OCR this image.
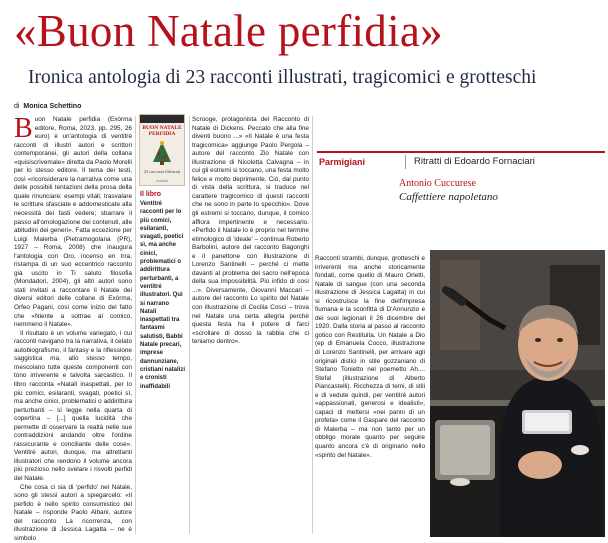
«Buon Natale perfidia»
Ironica antologia di 23 racconti illustrati, tragicomici e grotteschi
di Monica Schettino
B uon Natale perfidia (Exòrma editore, Roma, 2023, pp. 295, 26 euro) è un'antologia di ventitré racconti di illustri autori e scrittori contemporanei, gli autori della collana «quisiscrivemale» diretta da Paolo Morelli per lo stesso editore. Il tema dei testi, così «riconsiderare la narrativa come una delle possibili tentazioni della prosa della quale rinunciare: esempi vitali; trasvalare le scritture sfasciate e addomesticate alla necessità dei fasti vedere; sbarrare il passo all'omologazione dei contenuti, alle abitudini dei generi». Fatta eccezione per Luigi Malerba (Pietramogolana (PR), 1927 – Roma, 2008) che inaugura l'antologia con Oro, incenso en Irra, ristampa di un suo eccentrico racconto già uscito in Ti saluto filosofia (Mondadori, 2004), gli altri autori sono stati invitati a raccontare il Natale dei diversi editori delle collane di Exòrma, Orfeo Pagani, così come inizio del fatto che «Niente a sottrae al comico, nemmeno il Natale».

Il risultato è un volume variegato, i cui racconti navigano tra la narrativa, il celato autobiografismo, il fantasy e la riflessione saggistica ma, allo stesso tempo, mescolano tutte queste componenti con tono irriverente e talvolta sarcastico. Il libro racconta «Natali inaspettati, per lo più comici, esilaranti, svagati, poetici sì, ma anche cinici, problematici o addirittura perturbanti – si legge nella quarta di copertina – [...] quella lucidità che permette di osservare la realtà nelle sue contraddizioni andando oltre l'ordine rassicurante e conciliante delle cose». Ventitré autori, dunque, ma altrettanti illustratori che rendono il volume ancora più prezioso nello svelare i risvolti perfidi del Natale.

Che cosa ci sia di 'perfido' nel Natale, sono gli stessi autori a spiegarcelo: «Il perfido è nello spirito consumistico del Natale – risponde Paolo Albani, autore del racconto La ricorrenza, con illustrazione di Jessica Lagatta – ne è simbolo

BUON NATALE PERFIDIA
23 racconti illustrati
exòrma
Il libro
Ventitré racconti per lo più comici, esilaranti, svagati, poetici sì, ma anche cinici, problematici o addirittura perturbanti, a ventitré illustratori. Qui si narrano Natali inaspettati tra fantasmi salutisti, Babbi Natale precari, imprese dannunziane, cristiani natalizi e cronisti inaffidabili

Scrooge, protagonista del Racconto di Natale di Dickens. Peccato che alla fine diventi buono ...» «Il Natale è una festa tragicomica» aggiunge Paolo Pergola – autore del racconto Zio Natale con illustrazione di Nicoletta Calvagna – in cui gli estremi si toccano, una festa molto felice e molto deprimente. Ciò, dal punto di vista della scrittura, si traduce nel carattere tragicomico di questi racconti che ne sono in parte lo specchio». Dove gli estremi si toccano, dunque, il comico affiora impertinente e necessario. «Perfido il Natale lo è proprio nel termine etimologico di 'ideale' – continua Roberto Barbolini, autore del racconto Bagonghi e il panettone con illustrazione di Lorenzo Santinelli – perché ci mette davanti al problema del sacro nell'epoca della sua impossibilità. Più infido di così ...». Diversamente, Giovanni Maccari – autore del racconto Lo spirito del Natale con illustrazione di Cecilia Cosci – trova nel Natale una certa allegria perché questa festa ha il potere di farci «scrollare di dosso la rabbia che ci teniamo dentro».

Racconti strambi, dunque, grotteschi e irriverenti ma anche storicamente fondati, come quello di Mauro Orletti, Natale di sangue (con una seconda illustrazione di Jessica Lagatta) in cui si ricostruisce la fine dell'impresa fiumana e la sconfitta di D'Annunzio e dei suoi legionari il 26 dicembre del 1920. Dalla storia al passo al racconto gotico con Restituita. Un Natale a Dio (ep di Emanuela Cocco, illustrazione di Lorenzo Santinelli, per arrivare agli originali distici in stile gozzaniano di Stefano Tonietto nel poemetto Ah.... Stefa! (illustrazione di Alberto Piancastelli). Ricchezza di temi, di stili e di vedute quindi, per ventitré autori «appassionati, generosi e idealisti», capaci di mettersi «nei panni di un profeta» come il Gaspare del racconto di Malerba – ma non tanto per un obbligo morale quanto per seguire quanto ancora c'è di originario nello «spirito del Natale».

Parmigiani	Ritratti di Edoardo Fornaciari
Antonio Cuccurese
Caffettiere napoletano
